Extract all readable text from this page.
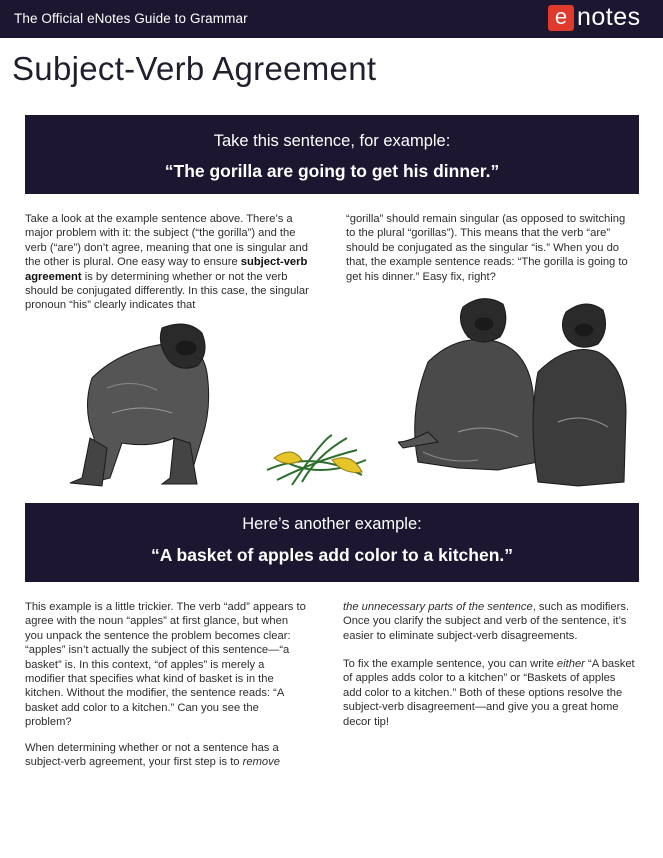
The Official eNotes Guide to Grammar	e notes
Subject-Verb Agreement
Take this sentence, for example:
“The gorilla are going to get his dinner.”

Take a look at the example sentence above. There’s a major problem with it: the subject (“the gorilla”) and the verb (“are”) don’t agree, meaning that one is singular and the other is plural. One easy way to ensure subject-verb agreement is by determining whether or not the verb should be conjugated differently. In this case, the singular pronoun “his” clearly indicates that

“gorilla” should remain singular (as opposed to switching to the plural “gorillas”). This means that the verb “are” should be conjugated as the singular “is.” When you do that, the example sentence reads: “The gorilla is going to get his dinner.” Easy fix, right?

Here’s another example:
“A basket of apples add color to a kitchen.”

This example is a little trickier. The verb “add” appears to agree with the noun “apples” at first glance, but when you unpack the sentence the problem becomes clear: “apples” isn’t actually the subject of this sentence—“a basket” is. In this context, “of apples” is merely a modifier that specifies what kind of basket is in the kitchen. Without the modifier, the sentence reads: “A basket add color to a kitchen.” Can you see the problem?

When determining whether or not a sentence has a subject-verb agreement, your first step is to remove

the unnecessary parts of the sentence, such as modifiers. Once you clarify the subject and verb of the sentence, it’s easier to eliminate subject-verb disagreements.

To fix the example sentence, you can write either “A basket of apples adds color to a kitchen” or “Baskets of apples add color to a kitchen.” Both of these options resolve the subject-verb disagreement—and give you a great home decor tip!
